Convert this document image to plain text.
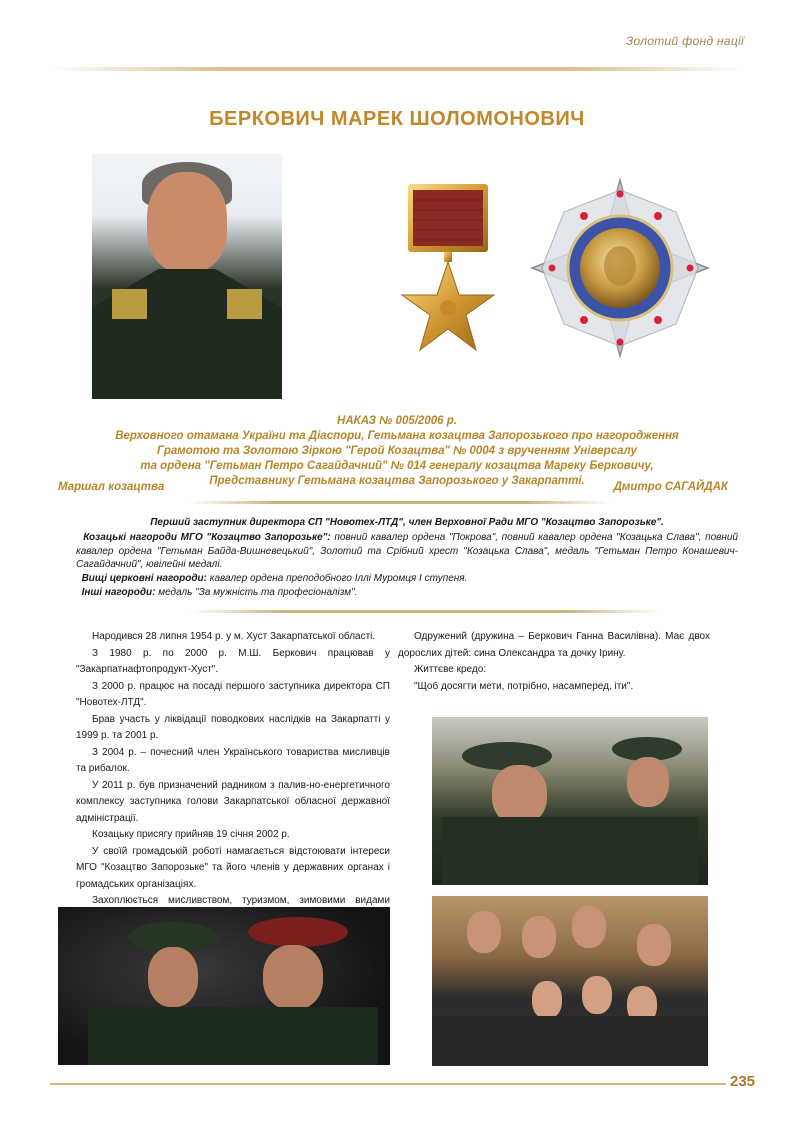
Золотий фонд нації
БЕРКОВИЧ МАРЕК ШОЛОМОНОВИЧ
НАКАЗ № 005/2006 р.
Верховного отамана України та Діаспори, Гетьмана козацтва Запорозького про нагородження
Грамотою та Золотою Зіркою "Герой Козацтва" № 0004 з врученням Універсалу
та ордена "Гетьман Петро Сагайдачний" № 014 генералу козацтва Мареку Берковичу,
Представнику Гетьмана козацтва Запорозького у Закарпатті.
Маршал козацтва	Дмитро САГАЙДАК

Перший заступник директора СП "Новотех-ЛТД", член Верховної Ради МГО "Козацтво Запорозьке".

Козацькі нагороди МГО "Козацтво Запорозьке": повний кавалер ордена "Покрова", повний кавалер ордена "Козацька Слава", повний кавалер ордена "Гетьман Байда-Вишневецький", Золотий та Срібний хрест "Козацька Слава", медаль "Гетьман Петро Конашевич-Сагайдачний", ювілейні медалі.

Вищі церковні нагороди: кавалер ордена преподобного Іллі Муромця І ступеня.

Інші нагороди: медаль "За мужність та професіоналізм".

Народився 28 липня 1954 р. у м. Хуст Закарпатської області.

З 1980 р. по 2000 р. М.Ш. Беркович працював у "Закарпатнафтопродукт-Хуст".

З 2000 р. працює на посаді першого заступника директора СП "Новотех-ЛТД".

Брав участь у ліквідації поводкових наслідків на Закарпатті у 1999 р. та 2001 р.

З 2004 р. – почесний член Українського товариства мисливців та рибалок.

У 2011 р. був призначений радником з палив-но-енергетичного комплексу заступника голови Закарпатської обласної державної адміністрації.

Козацьку присягу прийняв 19 січня 2002 р.

У своїй громадській роботі намагається відстоювати інтереси МГО "Козацтво Запорозьке" та його членів у державних органах і громадських організаціях.

Захоплюється мисливством, туризмом, зимовими видами

Одружений (дружина – Беркович Ганна Василівна). Має двох дорослих дітей: сина Олександра та дочку Ірину.

Життєве кредо:

"Щоб досягти мети, потрібно, насамперед, іти".

235
